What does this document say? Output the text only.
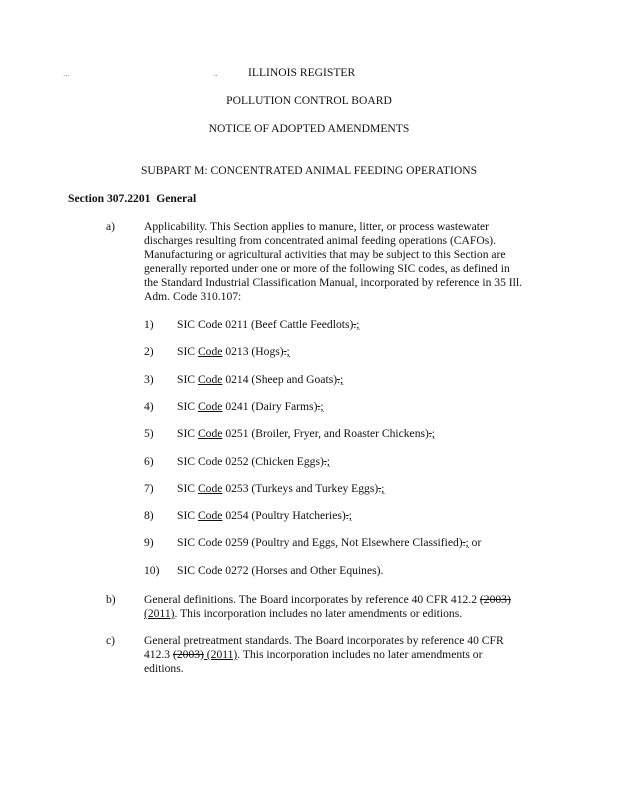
…	..	ILLINOIS REGISTER
POLLUTION CONTROL BOARD
NOTICE OF ADOPTED AMENDMENTS
SUBPART M: CONCENTRATED ANIMAL FEEDING OPERATIONS
Section 307.2201 General
a) Applicability. This Section applies to manure, litter, or process wastewater
discharges resulting from concentrated animal feeding operations (CAFOs).
Manufacturing or agricultural activities that may be subject to this Section are
generally reported under one or more of the following SIC codes, as defined in
the Standard Industrial Classification Manual, incorporated by reference in 35 Ill.
Adm. Code 310.107:
1) SIC Code 0211 (Beef Cattle Feedlots).;
2) SIC Code 0213 (Hogs).;
3) SIC Code 0214 (Sheep and Goats).;
4) SIC Code 0241 (Dairy Farms).;
5) SIC Code 0251 (Broiler, Fryer, and Roaster Chickens).;
6) SIC Code 0252 (Chicken Eggs).;
7) SIC Code 0253 (Turkeys and Turkey Eggs).;
8) SIC Code 0254 (Poultry Hatcheries).;
9) SIC Code 0259 (Poultry and Eggs, Not Elsewhere Classified).; or
10) SIC Code 0272 (Horses and Other Equines).
b) General definitions. The Board incorporates by reference 40 CFR 412.2 (2003)
(2011). This incorporation includes no later amendments or editions.
c) General pretreatment standards. The Board incorporates by reference 40 CFR
412.3 (2003) (2011). This incorporation includes no later amendments or
editions.
